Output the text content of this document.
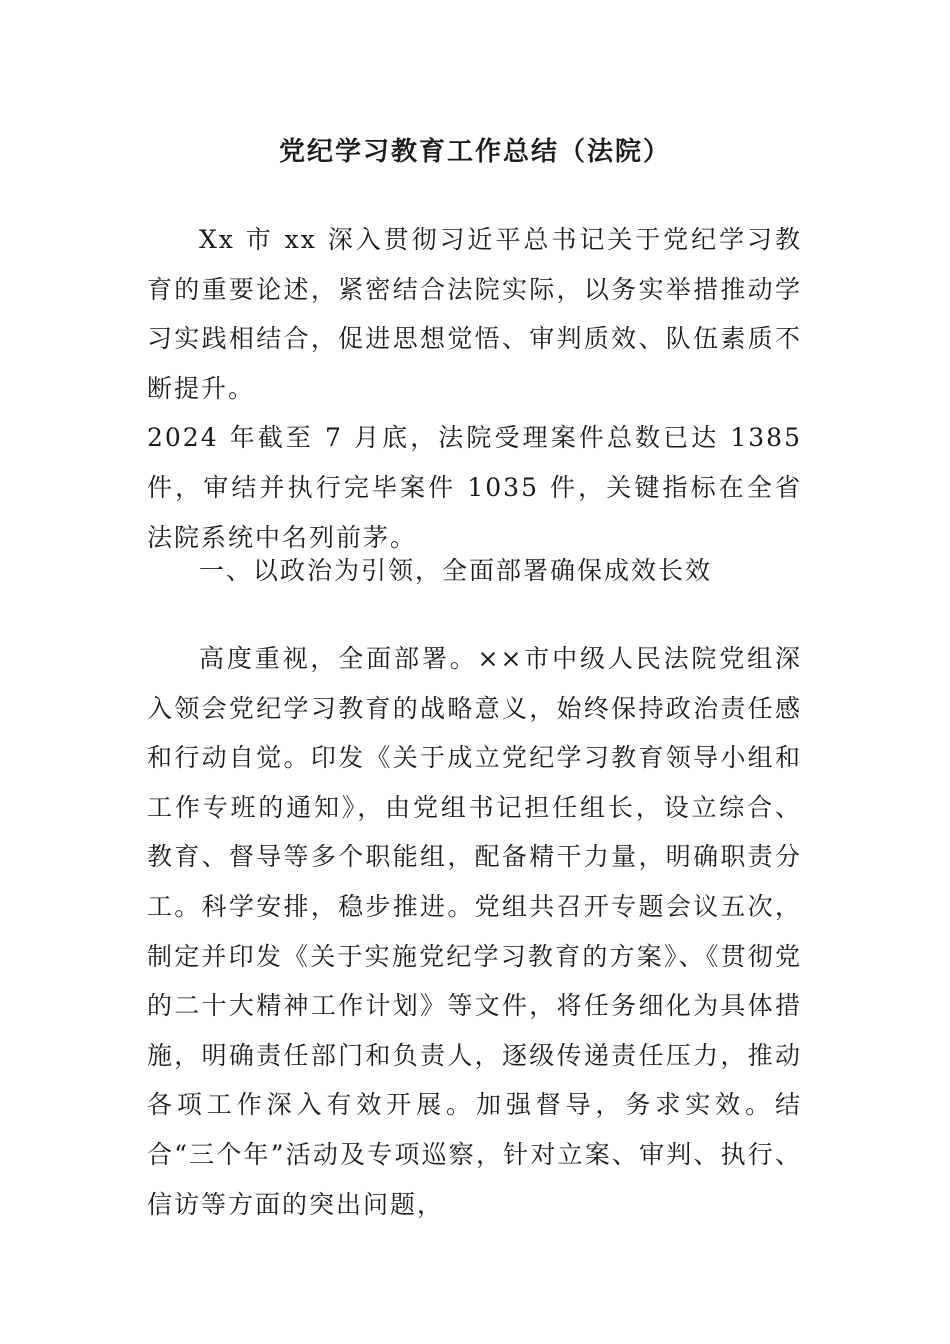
党纪学习教育工作总结（法院）

Xx 市 xx 深入贯彻习近平总书记关于党纪学习教育的重要论述，紧密结合法院实际，以务实举措推动学习实践相结合，促进思想觉悟、审判质效、队伍素质不断提升。
2024 年截至 7 月底，法院受理案件总数已达 1385 件，审结并执行完毕案件 1035 件，关键指标在全省法院系统中名列前茅。

一、以政治为引领，全面部署确保成效长效

高度重视，全面部署。××市中级人民法院党组深入领会党纪学习教育的战略意义，始终保持政治责任感和行动自觉。印发《关于成立党纪学习教育领导小组和工作专班的通知》，由党组书记担任组长，设立综合、教育、督导等多个职能组，配备精干力量，明确职责分工。科学安排，稳步推进。党组共召开专题会议五次，制定并印发《关于实施党纪学习教育的方案》、《贯彻党的二十大精神工作计划》等文件，将任务细化为具体措施，明确责任部门和负责人，逐级传递责任压力，推动各项工作深入有效开展。加强督导，务求实效。结合“三个年”活动及专项巡察，针对立案、审判、执行、信访等方面的突出问题，
